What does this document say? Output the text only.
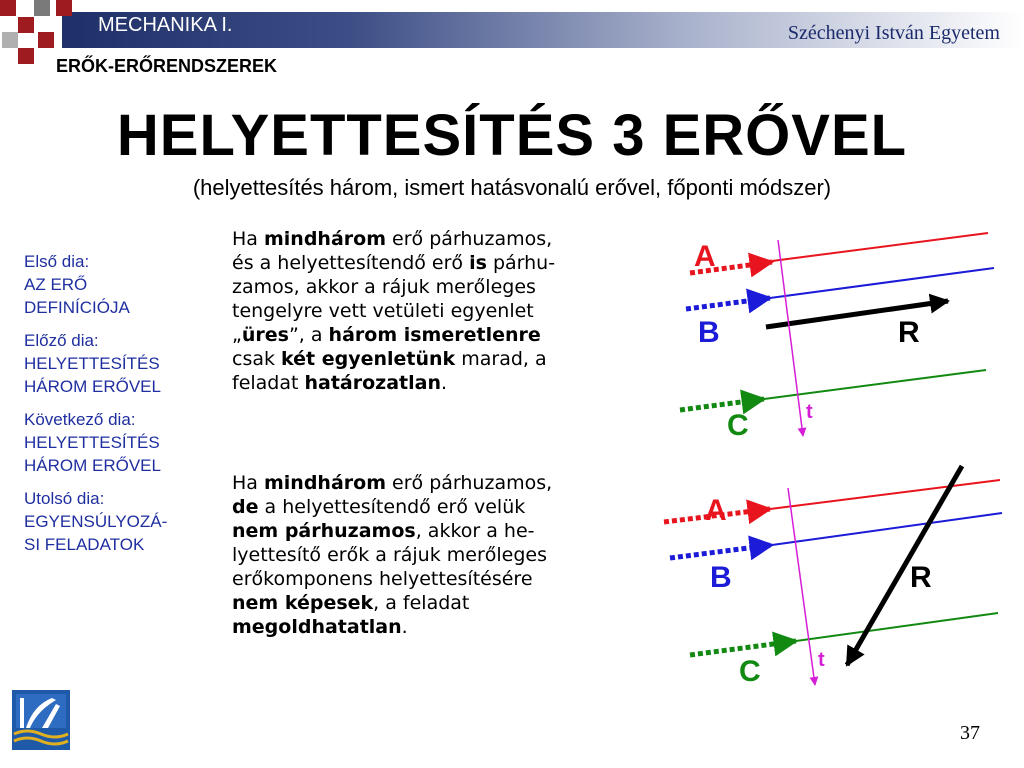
MECHANIKA I.	Széchenyi István Egyetem
ERŐK-ERŐRENDSZEREK
HELYETTESÍTÉS 3 ERŐVEL
(helyettesítés három, ismert hatásvonalú erővel, főponti módszer)
Első dia:
AZ ERŐ
DEFINÍCIÓJA
Előző dia:
HELYETTESÍTÉS
HÁROM ERŐVEL
Következő dia:
HELYETTESÍTÉS
HÁROM ERŐVEL
Utolsó dia:
EGYENSÚLYOZÁ-
SI FELADATOK
Ha mindhárom erő párhuzamos,
és a helyettesítendő erő is párhu-
zamos, akkor a rájuk merőleges
tengelyre vett vetületi egyenlet
„üres”, a három ismeretlenre
csak két egyenletünk marad, a
feladat határozatlan.
Ha mindhárom erő párhuzamos,
de a helyettesítendő erő velük
nem párhuzamos, akkor a he-
lyettesítő erők a rájuk merőleges
erőkomponens helyettesítésére
nem képesek, a feladat
megoldhatatlan.
A
B
C
R
t
A
B
C
R
t
37
